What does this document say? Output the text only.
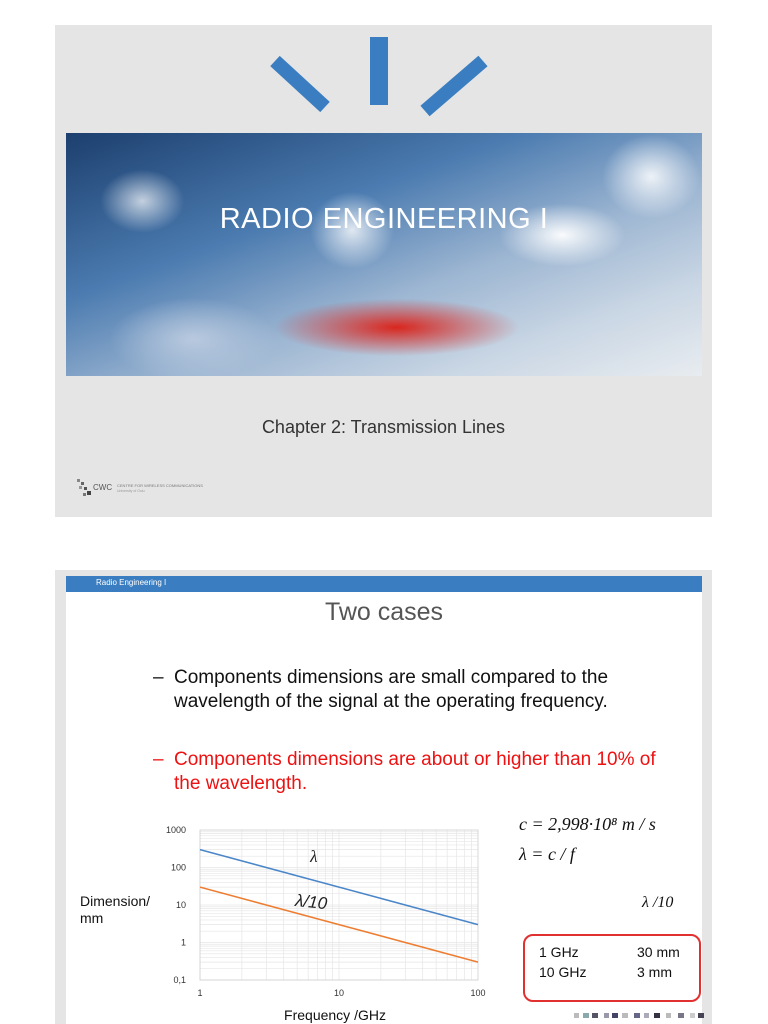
RADIO ENGINEERING I
Chapter 2: Transmission Lines
CWC CENTRE FOR WIRELESS COMMUNICATIONS
University of Oulu
Radio Engineering I
Two cases
– Components dimensions are small compared to the wavelength of the signal at the operating frequency.
– Components dimensions are about or higher than 10% of the wavelength.
1000
100
10
1
0,1
1	10	100
λ
λ/10
Dimension/
mm
Frequency /GHz
c = 2,998·10⁸ m / s
λ = c / f
λ /10
1 GHz	30 mm
10 GHz	3 mm
